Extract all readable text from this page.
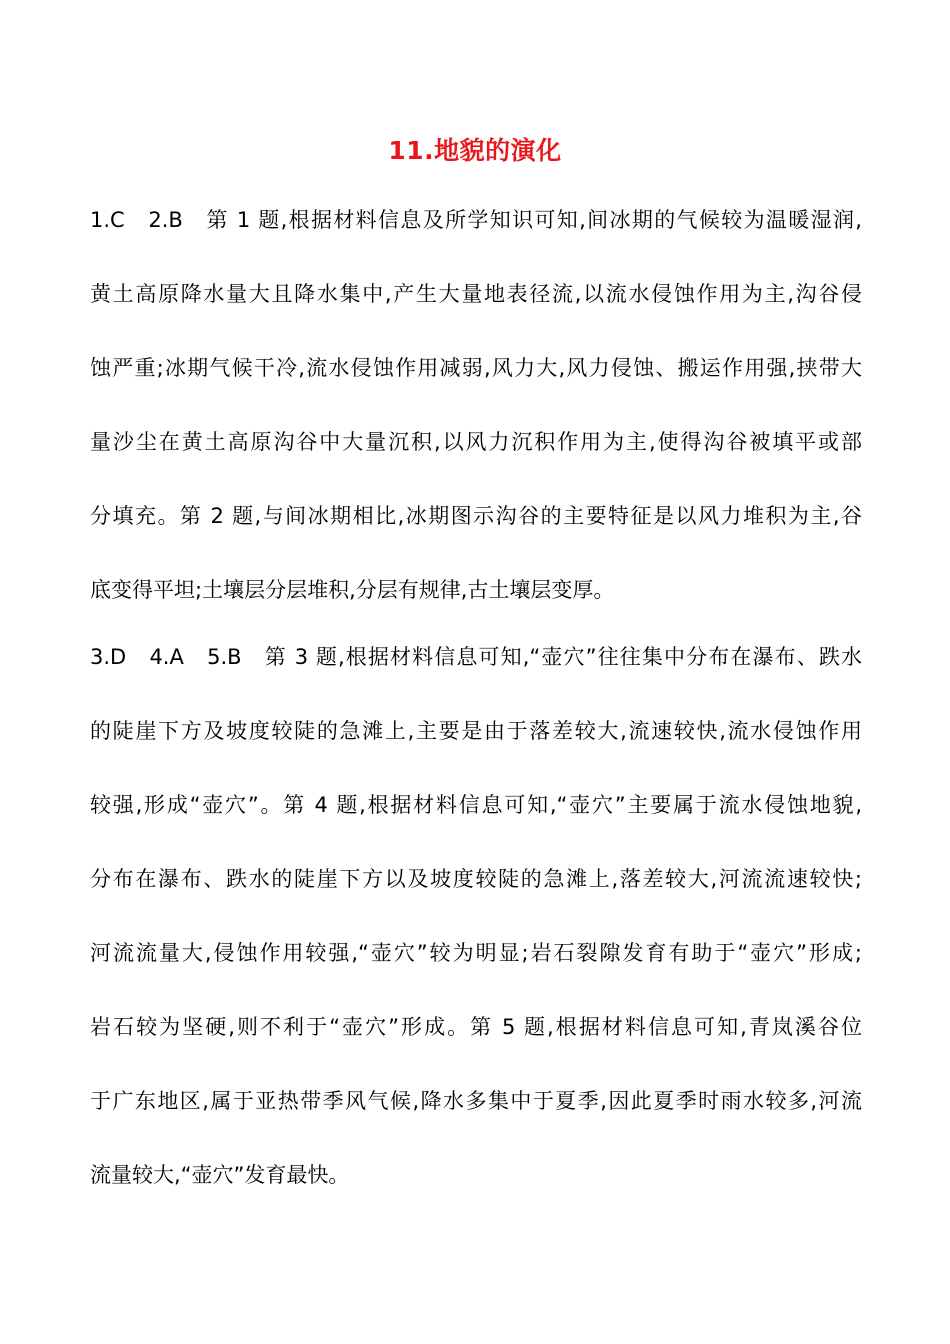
11.地貌的演化
1.C　2.B　第 1 题,根据材料信息及所学知识可知,间冰期的气候较为温暖湿润,
黄土高原降水量大且降水集中,产生大量地表径流,以流水侵蚀作用为主,沟谷侵
蚀严重;冰期气候干冷,流水侵蚀作用减弱,风力大,风力侵蚀、搬运作用强,挟带大
量沙尘在黄土高原沟谷中大量沉积,以风力沉积作用为主,使得沟谷被填平或部
分填充。第 2 题,与间冰期相比,冰期图示沟谷的主要特征是以风力堆积为主,谷
底变得平坦;土壤层分层堆积,分层有规律,古土壤层变厚。
3.D　4.A　5.B　第 3 题,根据材料信息可知,“壶穴”往往集中分布在瀑布、跌水
的陡崖下方及坡度较陡的急滩上,主要是由于落差较大,流速较快,流水侵蚀作用
较强,形成“壶穴”。第 4 题,根据材料信息可知,“壶穴”主要属于流水侵蚀地貌,
分布在瀑布、跌水的陡崖下方以及坡度较陡的急滩上,落差较大,河流流速较快;
河流流量大,侵蚀作用较强,“壶穴”较为明显;岩石裂隙发育有助于“壶穴”形成;
岩石较为坚硬,则不利于“壶穴”形成。第 5 题,根据材料信息可知,青岚溪谷位
于广东地区,属于亚热带季风气候,降水多集中于夏季,因此夏季时雨水较多,河流
流量较大,“壶穴”发育最快。
